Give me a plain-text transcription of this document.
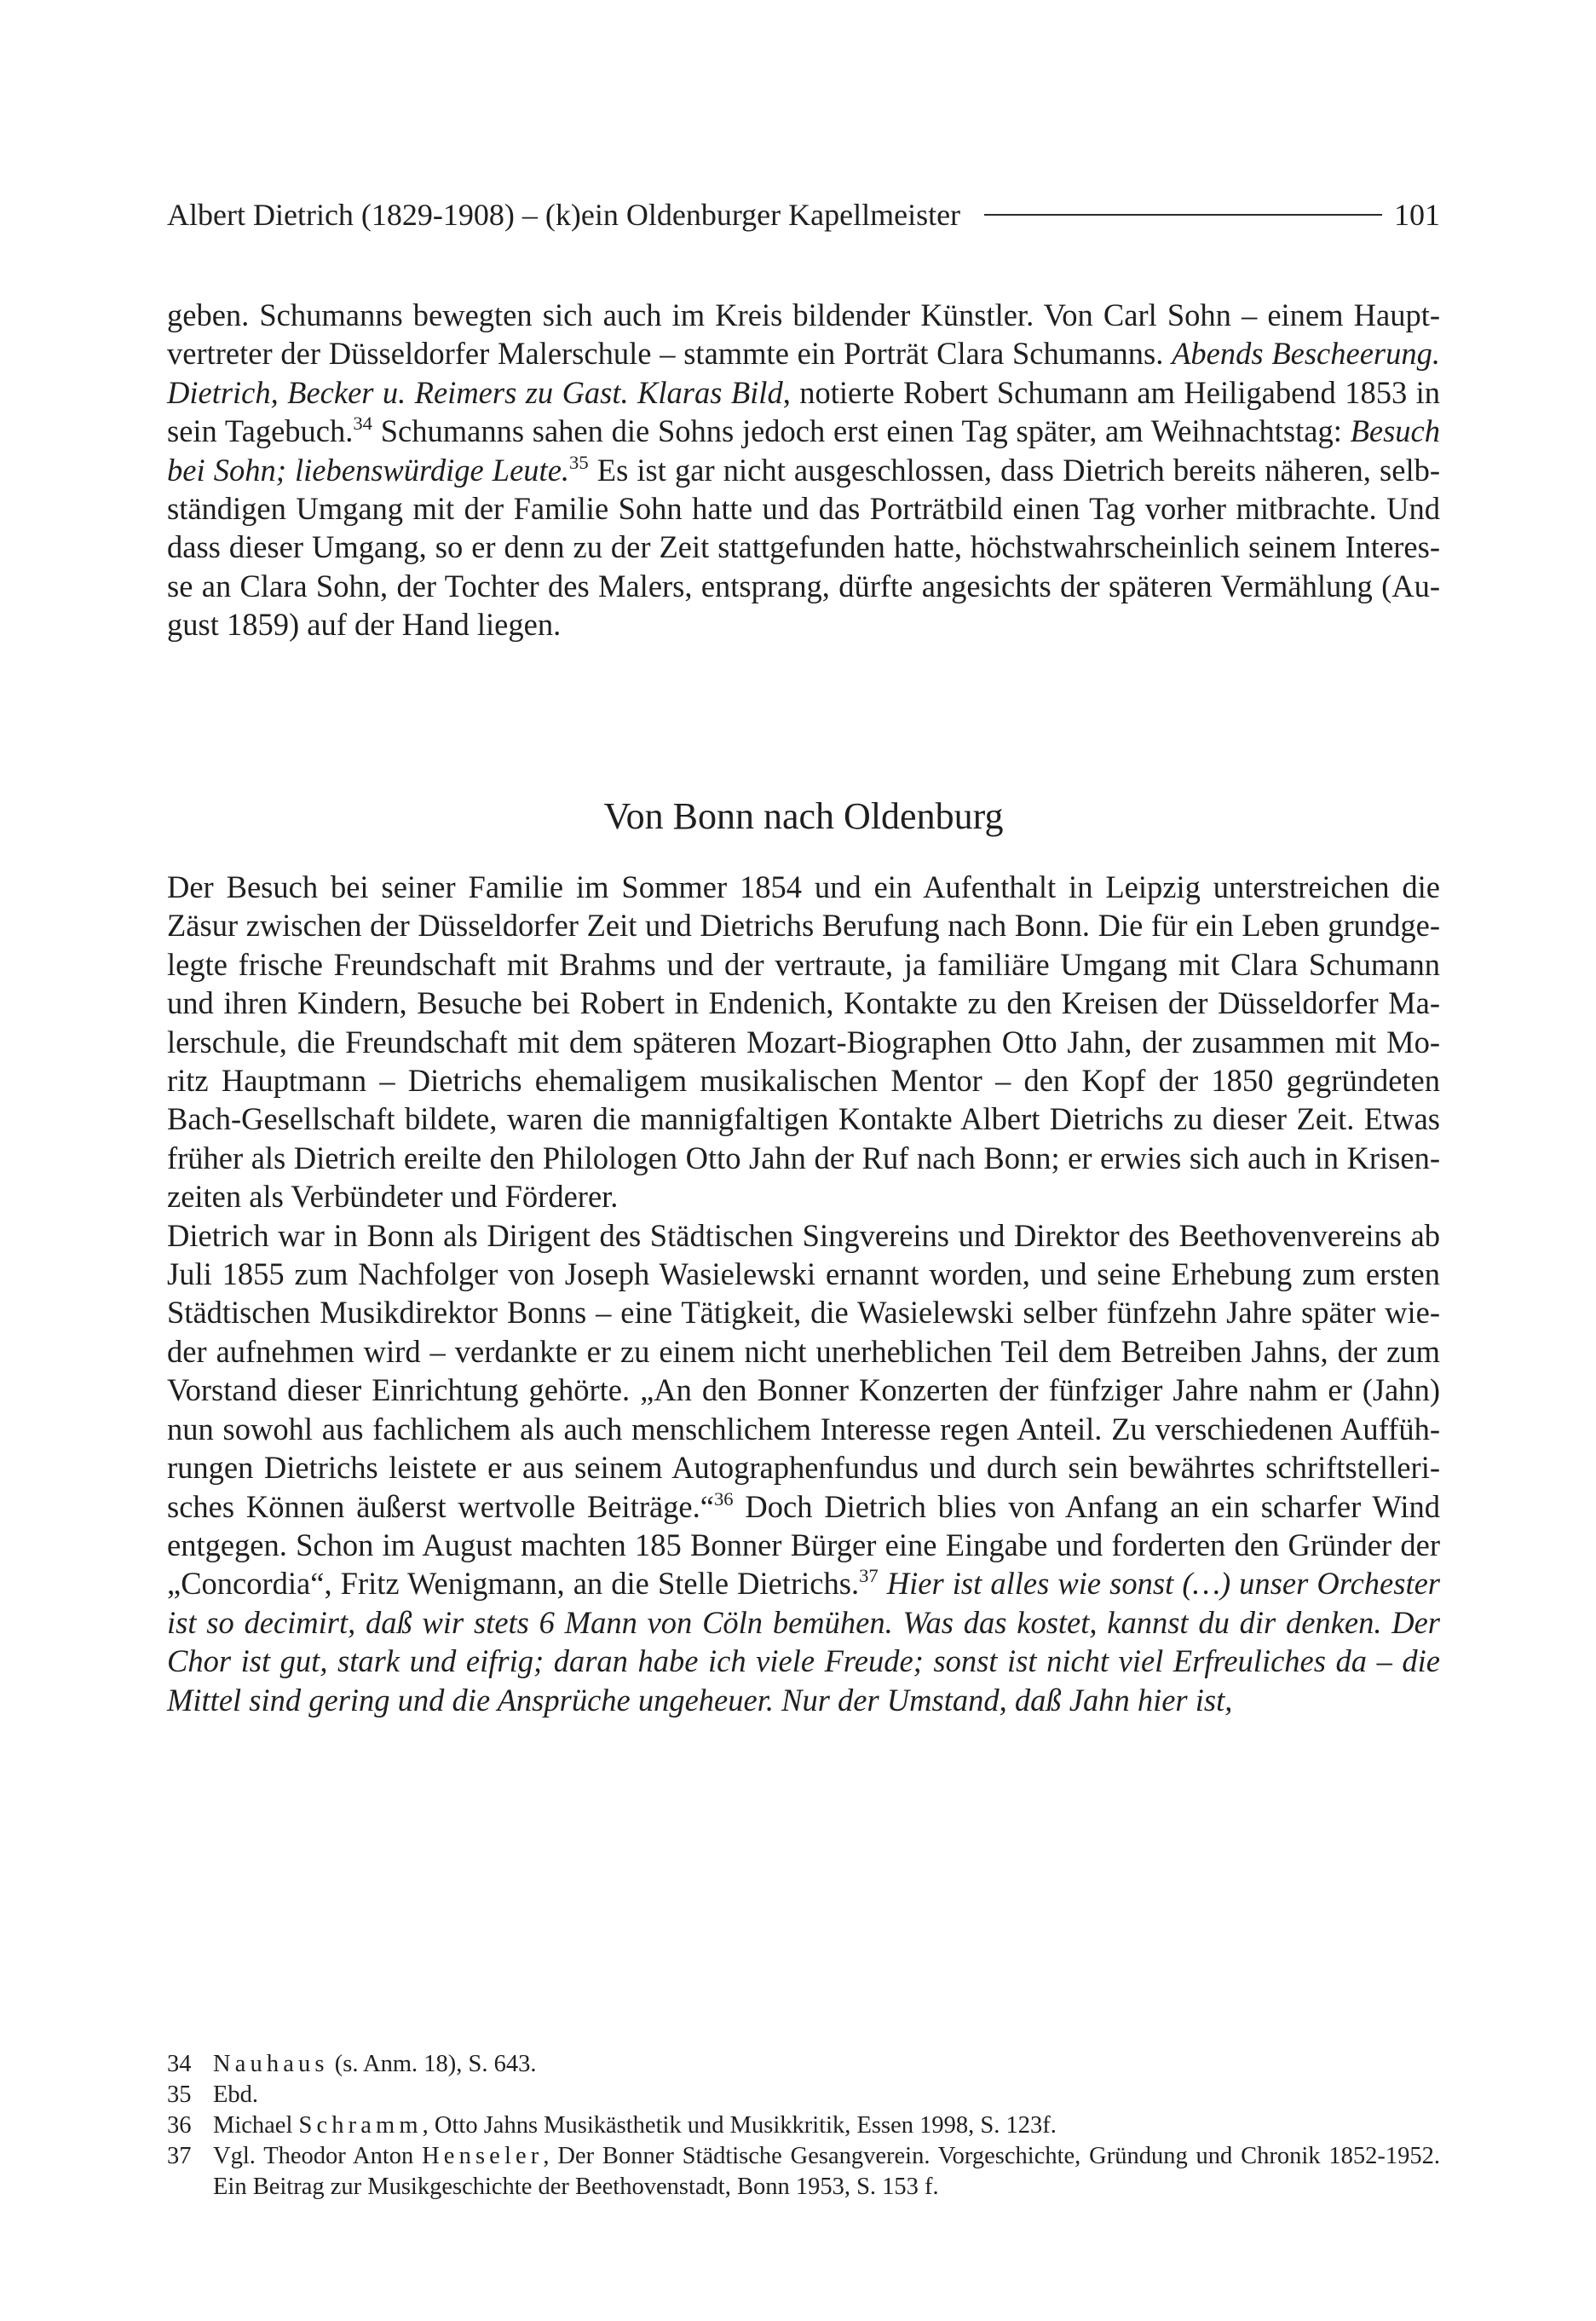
Albert Dietrich (1829-1908) – (k)ein Oldenburger Kapellmeister	101

geben. Schumanns bewegten sich auch im Kreis bildender Künstler. Von Carl Sohn – einem Hauptvertreter der Düsseldorfer Malerschule – stammte ein Porträt Clara Schumanns. Abends Bescheerung. Dietrich, Becker u. Reimers zu Gast. Klaras Bild, notierte Robert Schumann am Heiligabend 1853 in sein Tagebuch.$^{34}$ Schumanns sahen die Sohns jedoch erst einen Tag später, am Weihnachtstag: Besuch bei Sohn; liebenswürdige Leute.$^{35}$ Es ist gar nicht ausgeschlossen, dass Dietrich bereits näheren, selbständigen Umgang mit der Familie Sohn hatte und das Porträtbild einen Tag vorher mitbrachte. Und dass dieser Umgang, so er denn zu der Zeit stattgefunden hatte, höchstwahrscheinlich seinem Interesse an Clara Sohn, der Tochter des Malers, entsprang, dürfte angesichts der späteren Vermählung (August 1859) auf der Hand liegen.

Von Bonn nach Oldenburg

Der Besuch bei seiner Familie im Sommer 1854 und ein Aufenthalt in Leipzig unterstreichen die Zäsur zwischen der Düsseldorfer Zeit und Dietrichs Berufung nach Bonn. Die für ein Leben grundgelegte frische Freundschaft mit Brahms und der vertraute, ja familiäre Umgang mit Clara Schumann und ihren Kindern, Besuche bei Robert in Endenich, Kontakte zu den Kreisen der Düsseldorfer Malerschule, die Freundschaft mit dem späteren Mozart-Biographen Otto Jahn, der zusammen mit Moritz Hauptmann – Dietrichs ehemaligem musikalischen Mentor – den Kopf der 1850 gegründeten Bach-Gesellschaft bildete, waren die mannigfaltigen Kontakte Albert Dietrichs zu dieser Zeit. Etwas früher als Dietrich ereilte den Philologen Otto Jahn der Ruf nach Bonn; er erwies sich auch in Krisenzeiten als Verbündeter und Förderer.

Dietrich war in Bonn als Dirigent des Städtischen Singvereins und Direktor des Beethovenvereins ab Juli 1855 zum Nachfolger von Joseph Wasielewski ernannt worden, und seine Erhebung zum ersten Städtischen Musikdirektor Bonns – eine Tätigkeit, die Wasielewski selber fünfzehn Jahre später wieder aufnehmen wird – verdankte er zu einem nicht unerheblichen Teil dem Betreiben Jahns, der zum Vorstand dieser Einrichtung gehörte. „An den Bonner Konzerten der fünfziger Jahre nahm er (Jahn) nun sowohl aus fachlichem als auch menschlichem Interesse regen Anteil. Zu verschiedenen Aufführungen Dietrichs leistete er aus seinem Autographenfundus und durch sein bewährtes schriftstellerisches Können äußerst wertvolle Beiträge.“$^{36}$ Doch Dietrich blies von Anfang an ein scharfer Wind entgegen. Schon im August machten 185 Bonner Bürger eine Eingabe und forderten den Gründer der „Concordia“, Fritz Wenigmann, an die Stelle Dietrichs.$^{37}$ Hier ist alles wie sonst (…) unser Orchester ist so decimirt, daß wir stets 6 Mann von Cöln bemühen. Was das kostet, kannst du dir denken. Der Chor ist gut, stark und eifrig; daran habe ich viele Freude; sonst ist nicht viel Erfreuliches da – die Mittel sind gering und die Ansprüche ungeheuer. Nur der Umstand, daß Jahn hier ist,

34 Nauhaus (s. Anm. 18), S. 643.
35 Ebd.
36 Michael Schramm, Otto Jahns Musikästhetik und Musikkritik, Essen 1998, S. 123f.
37 Vgl. Theodor Anton Henseler, Der Bonner Städtische Gesangverein. Vorgeschichte, Gründung und Chronik 1852-1952. Ein Beitrag zur Musikgeschichte der Beethovenstadt, Bonn 1953, S. 153 f.
